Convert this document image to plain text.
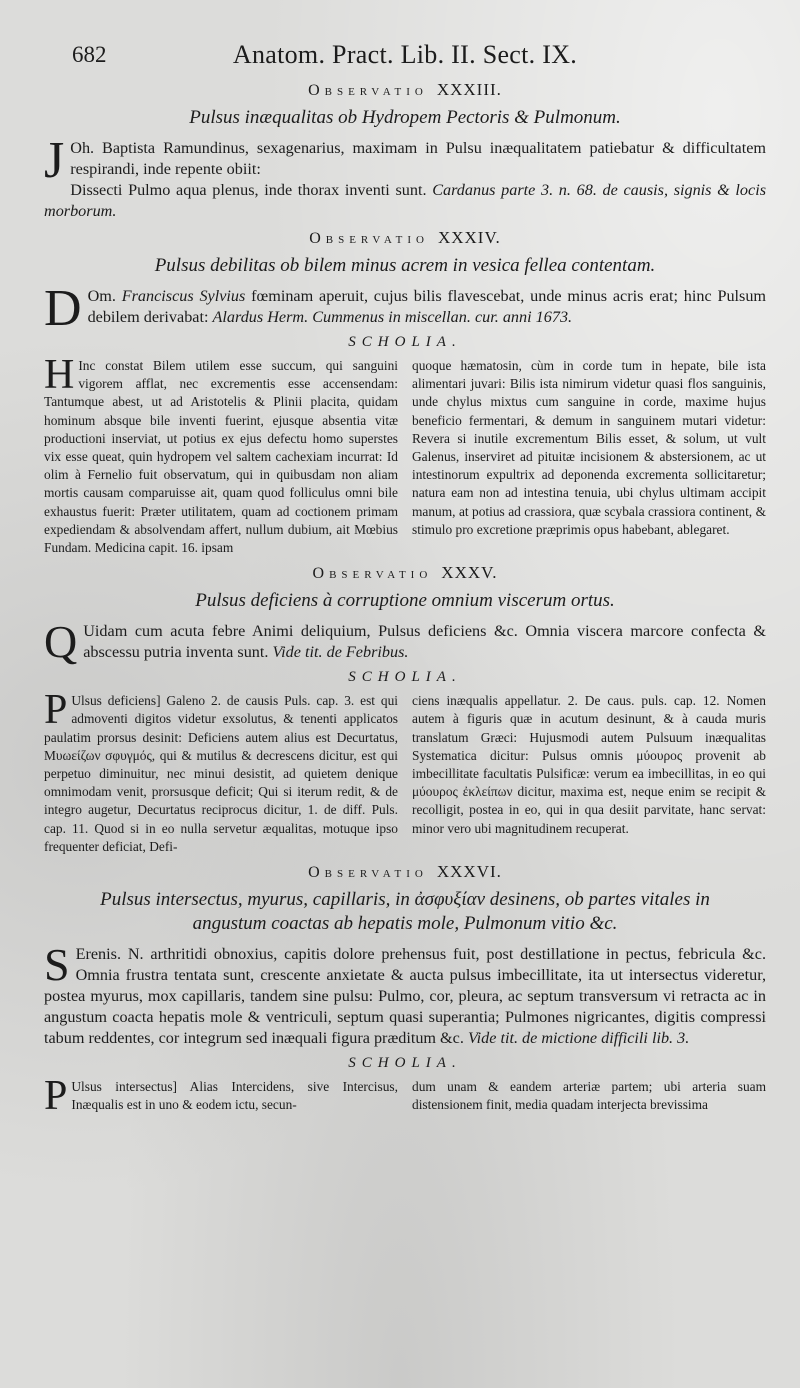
682	Anatom. Pract. Lib. II. Sect. IX.
Observatio XXXIII.
Pulsus inæqualitas ob Hydropem Pectoris & Pulmonum.
J Oh. Baptista Ramundinus, sexagenarius, maximam in Pulsu inæqualitatem patiebatur & difficultatem respirandi, inde repente obiit:
Dissecti Pulmo aqua plenus, inde thorax inventi sunt. Cardanus parte 3. n. 68. de causis, signis & locis morborum.
Observatio XXXIV.
Pulsus debilitas ob bilem minus acrem in vesica fellea contentam.
D Om. Franciscus Sylvius fœminam aperuit, cujus bilis flavescebat, unde minus acris erat; hinc Pulsum debilem derivabat: Alardus Herm. Cummenus in miscellan. cur. anni 1673.
SCHOLIA.
H Inc constat Bilem utilem esse succum, qui sanguini vigorem afflat, nec excrementis esse accensendam: Tantumque abest, ut ad Aristotelis & Plinii placita, quidam hominum absque bile inventi fuerint, ejusque absentia vitæ productioni inserviat, ut potius ex ejus defectu homo superstes vix esse queat, quin hydropem vel saltem cachexiam incurrat: Id olim à Fernelio fuit observatum, qui in quibusdam non aliam mortis causam comparuisse ait, quam quod folliculus omni bile exhaustus fuerit: Præter utilitatem, quam ad coctionem primam expediendam & absolvendam affert, nullum dubium, ait Mœbius Fundam. Medicina capit. 16. ipsam
quoque hæmatosin, cùm in corde tum in hepate, bile ista alimentari juvari: Bilis ista nimirum videtur quasi flos sanguinis, unde chylus mixtus cum sanguine in corde, maxime hujus beneficio fermentari, & demum in sanguinem mutari videtur: Revera si inutile excrementum Bilis esset, & solum, ut vult Galenus, inserviret ad pituitæ incisionem & abstersionem, ac ut intestinorum expultrix ad deponenda excrementa sollicitaretur; natura eam non ad intestina tenuia, ubi chylus ultimam accipit manum, at potius ad crassiora, quæ scybala crassiora continent, & stimulo pro excretione præprimis opus habebant, ablegaret.
Observatio XXXV.
Pulsus deficiens à corruptione omnium viscerum ortus.
Q Uidam cum acuta febre Animi deliquium, Pulsus deficiens &c. Omnia viscera marcore confecta & abscessu putria inventa sunt. Vide tit. de Febribus.
SCHOLIA.
P Ulsus deficiens] Galeno 2. de causis Puls. cap. 3. est qui admoventi digitos videtur exsolutus, & tenenti applicatos paulatim prorsus desinit: Deficiens autem alius est Decurtatus, Μυωείζων σφυγμός, qui & mutilus & decrescens dicitur, est qui perpetuo diminuitur, nec minui desistit, ad quietem denique omnimodam venit, prorsusque deficit; Qui si iterum redit, & de integro augetur, Decurtatus reciprocus dicitur, 1. de diff. Puls. cap. 11. Quod si in eo nulla servetur æqualitas, motuque ipso frequenter deficiat, Defi-
ciens inæqualis appellatur. 2. De caus. puls. cap. 12. Nomen autem à figuris quæ in acutum desinunt, & à cauda muris translatum Græci: Hujusmodi autem Pulsuum inæqualitas Systematica dicitur: Pulsus omnis μύουρος provenit ab imbecillitate facultatis Pulsificæ: verum ea imbecillitas, in eo qui μύουρος ἐκλείπων dicitur, maxima est, neque enim se recipit & recolligit, postea in eo, qui in qua desiit parvitate, hanc servat: minor vero ubi magnitudinem recuperat.
Observatio XXXVI.
Pulsus intersectus, myurus, capillaris, in ἀσφυξίαν desinens, ob partes vitales in angustum coactas ab hepatis mole, Pulmonum vitio &c.
S Erenis. N. arthritidi obnoxius, capitis dolore prehensus fuit, post destillatione in pectus, febricula &c. Omnia frustra tentata sunt, crescente anxietate & aucta pulsus imbecillitate, ita ut intersectus videretur, postea myurus, mox capillaris, tandem sine pulsu: Pulmo, cor, pleura, ac septum transversum vi retracta ac in angustum coacta hepatis mole & ventriculi, septum quasi superantia; Pulmones nigricantes, digitis compressi tabum reddentes, cor integrum sed inæquali figura præditum &c. Vide tit. de mictione difficili lib. 3.
SCHOLIA.
P Ulsus intersectus] Alias Intercidens, sive Intercisus, Inæqualis est in uno & eodem ictu, secun-
dum unam & eandem arteriæ partem; ubi arteria suam distensionem finit, media quadam interjecta brevissima
